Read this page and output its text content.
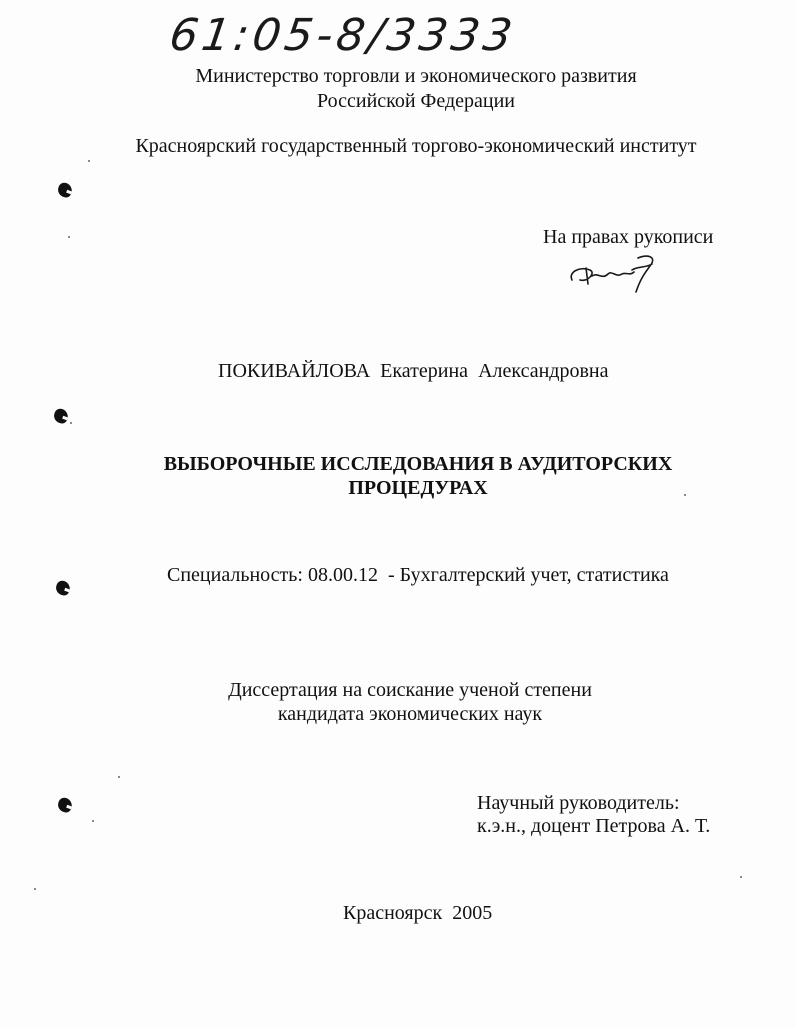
61:05-8/3333
Министерство торговли и экономического развития
Российской Федерации
Красноярский государственный торгово-экономический институт
На правах рукописи
ПОКИВАЙЛОВА Екатерина  Александровна
ВЫБОРОЧНЫЕ ИССЛЕДОВАНИЯ В АУДИТОРСКИХ
ПРОЦЕДУРАХ
Специальность: 08.00.12 - Бухгалтерский учет, статистика
Диссертация на соискание ученой степени
кандидата экономических наук
Научный руководитель:
к.э.н., доцент Петрова А. Т.
Красноярск  2005
